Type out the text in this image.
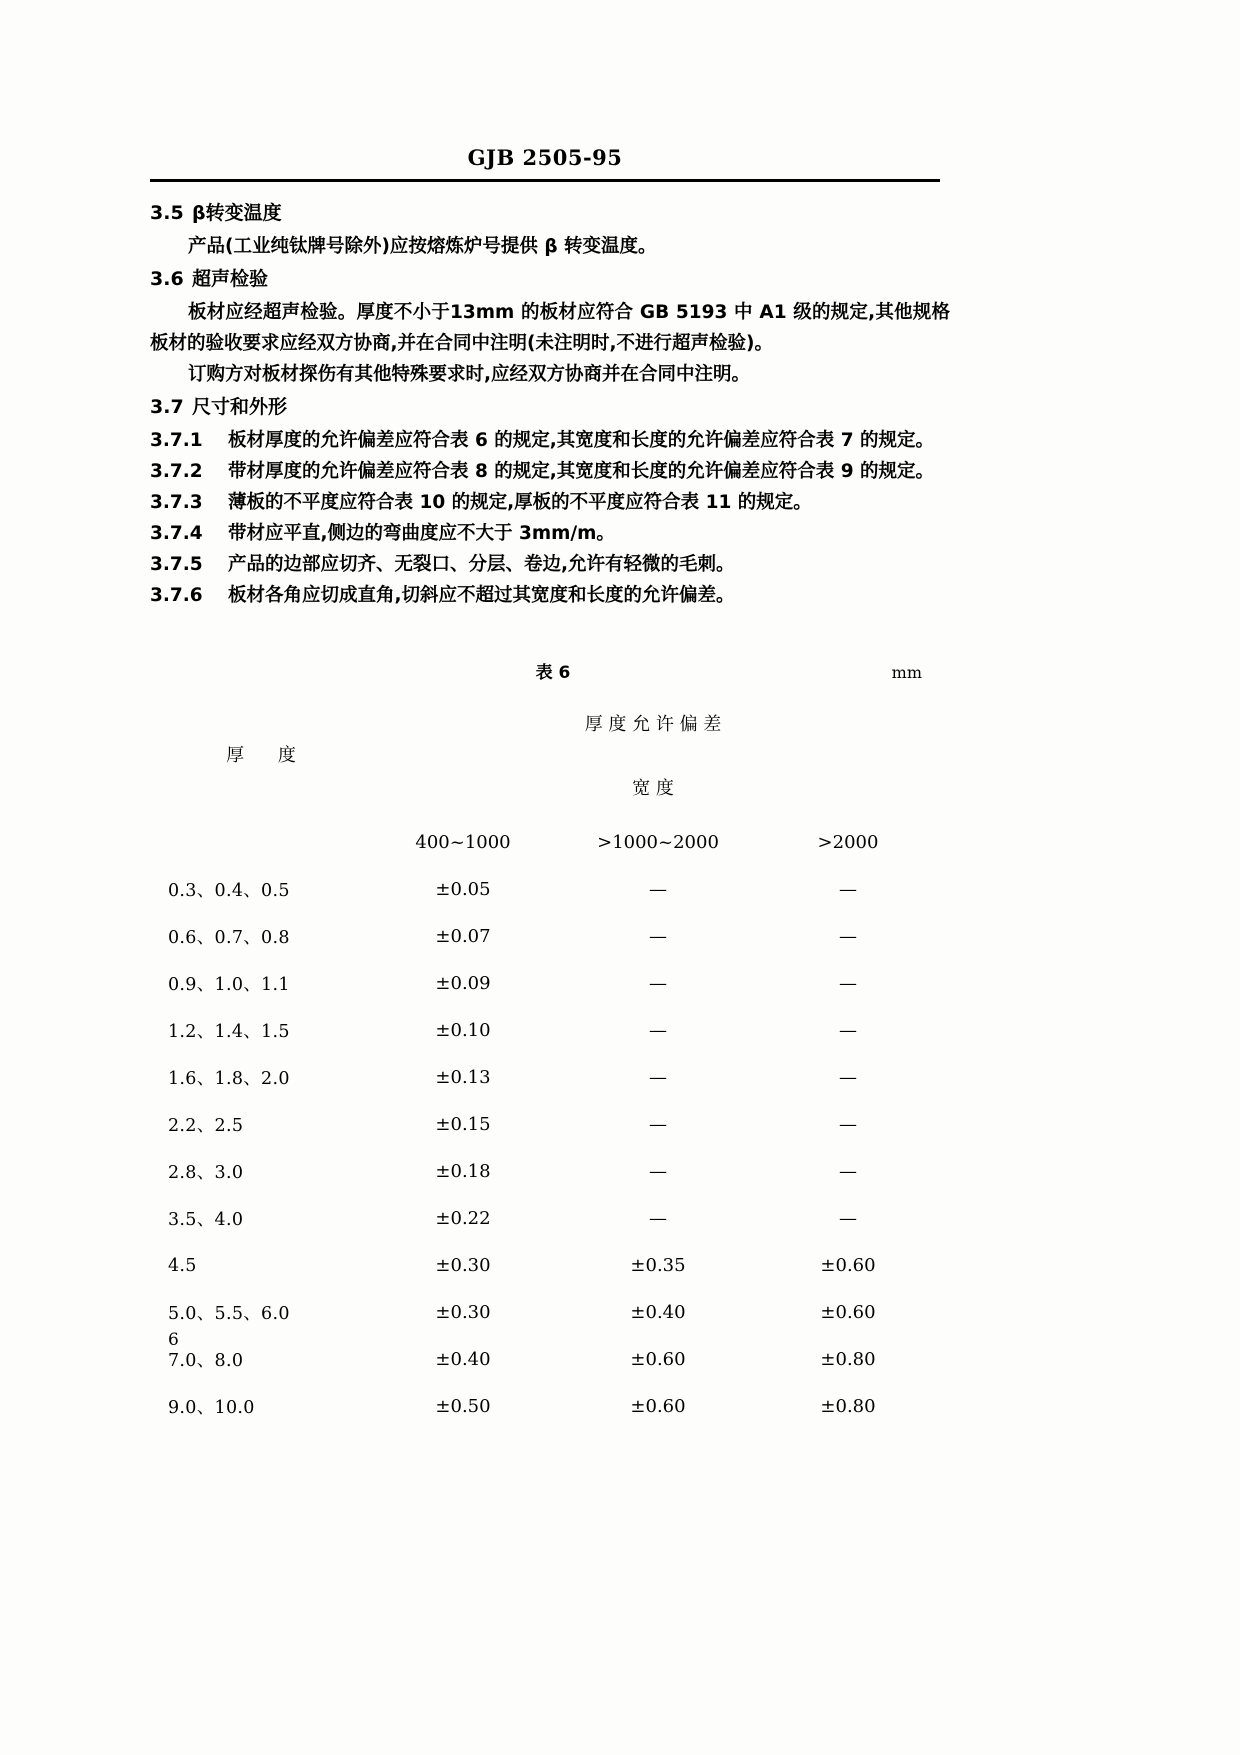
GJB 2505-95
3.5 β转变温度

产品(工业纯钛牌号除外)应按熔炼炉号提供 β 转变温度。

3.6 超声检验

板材应经超声检验。厚度不小于13mm 的板材应符合 GB 5193 中 A1 级的规定,其他规格板材的验收要求应经双方协商,并在合同中注明(未注明时,不进行超声检验)。

订购方对板材探伤有其他特殊要求时,应经双方协商并在合同中注明。

3.7 尺寸和外形

3.7.1 板材厚度的允许偏差应符合表 6 的规定,其宽度和长度的允许偏差应符合表 7 的规定。

3.7.2 带材厚度的允许偏差应符合表 8 的规定,其宽度和长度的允许偏差应符合表 9 的规定。

3.7.3 薄板的不平度应符合表 10 的规定,厚板的不平度应符合表 11 的规定。

3.7.4 带材应平直,侧边的弯曲度应不大于 3mm/m。

3.7.5 产品的边部应切齐、无裂口、分层、卷边,允许有轻微的毛刺。

3.7.6 板材各角应切成直角,切斜应不超过其宽度和长度的允许偏差。

表 6	mm
厚 度	厚 度 允 许 偏 差		
	宽 度		
	400~1000	>1000~2000	>2000
0.3、0.4、0.5	±0.05	—	—
0.6、0.7、0.8	±0.07	—	—
0.9、1.0、1.1	±0.09	—	—
1.2、1.4、1.5	±0.10	—	—
1.6、1.8、2.0	±0.13	—	—
2.2、2.5	±0.15	—	—
2.8、3.0	±0.18	—	—
3.5、4.0	±0.22	—	—
4.5	±0.30	±0.35	±0.60
5.0、5.5、6.0	±0.30	±0.40	±0.60
7.0、8.0	±0.40	±0.60	±0.80
9.0、10.0	±0.50	±0.60	±0.80
6
